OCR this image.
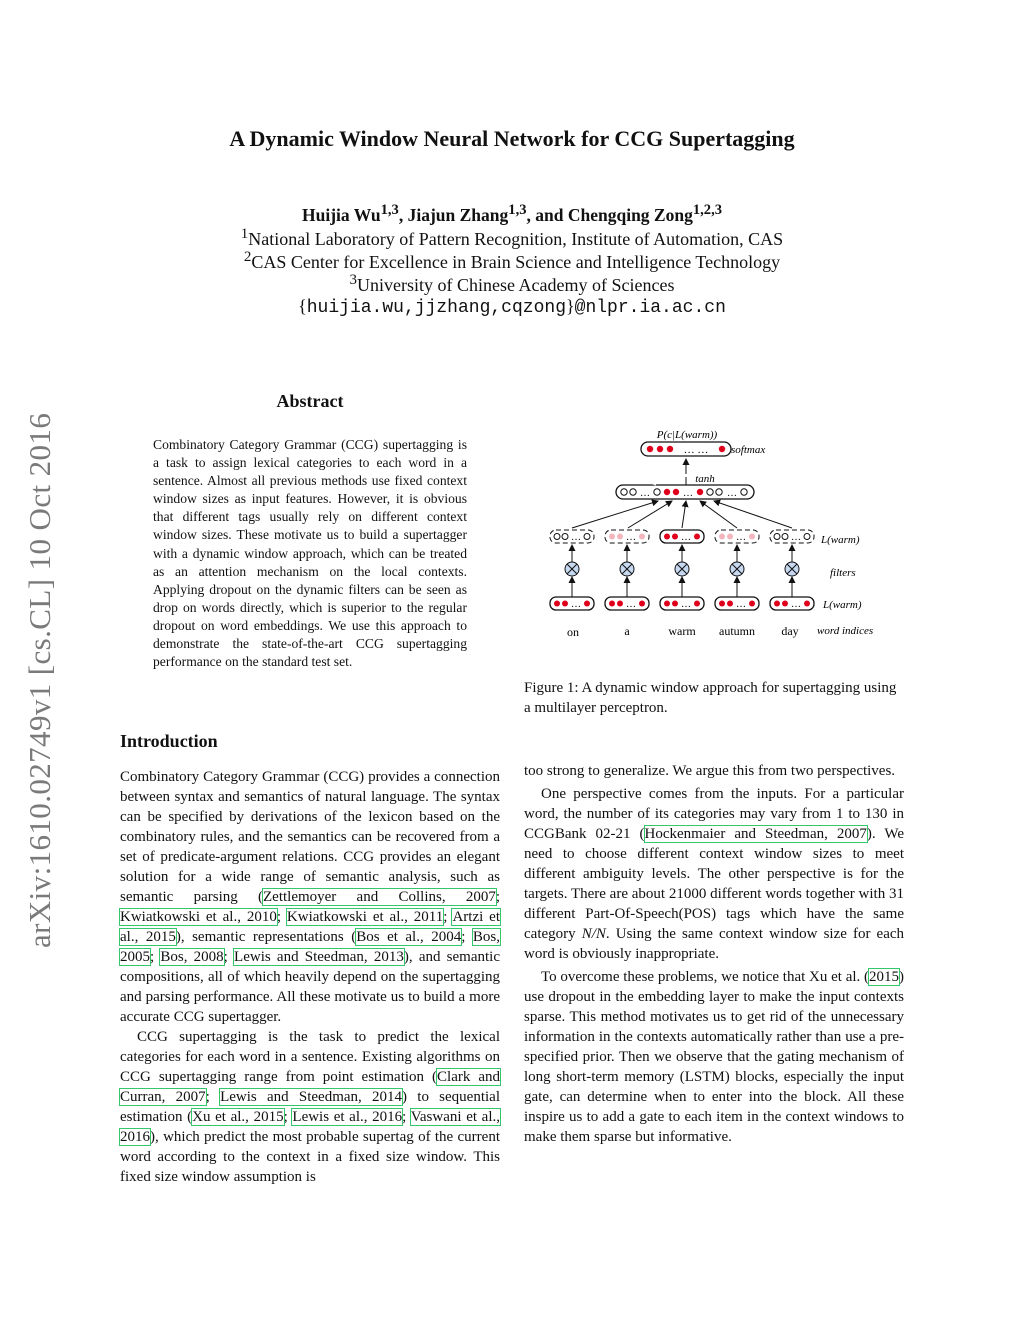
arXiv:1610.02749v1 [cs.CL] 10 Oct 2016
A Dynamic Window Neural Network for CCG Supertagging
Huijia Wu$^{1,3}$, Jiajun Zhang$^{1,3}$, and Chengqing Zong$^{1,2,3}$
$^1$National Laboratory of Pattern Recognition, Institute of Automation, CAS
$^2$CAS Center for Excellence in Brain Science and Intelligence Technology
$^3$University of Chinese Academy of Sciences
{huijia.wu,jjzhang,cqzong}@nlpr.ia.ac.cn
Abstract
Combinatory Category Grammar (CCG) supertagging is a task to assign lexical categories to each word in a sentence. Almost all previous methods use fixed context window sizes as input features. However, it is obvious that different tags usually rely on different context window sizes. These motivate us to build a supertagger with a dynamic window approach, which can be treated as an attention mechanism on the local contexts. Applying dropout on the dynamic filters can be seen as drop on words directly, which is superior to the regular dropout on word embeddings. We use this approach to demonstrate the state-of-the-art CCG supertagging performance on the standard test set.
P(c|L(warm))
… … softmax
tanh
…	…	…
…	…	…	…	… L(warm)
filters
…	…	…	…	… L(warm)
on	a	warm autumn day word indices
Figure 1: A dynamic window approach for supertagging using a multilayer perceptron.
Introduction

Combinatory Category Grammar (CCG) provides a connection between syntax and semantics of natural language. The syntax can be specified by derivations of the lexicon based on the combinatory rules, and the semantics can be recovered from a set of predicate-argument relations. CCG provides an elegant solution for a wide range of semantic analysis, such as semantic parsing (Zettlemoyer and Collins, 2007; Kwiatkowski et al., 2010; Kwiatkowski et al., 2011; Artzi et al., 2015), semantic representations (Bos et al., 2004; Bos, 2005; Bos, 2008; Lewis and Steedman, 2013), and semantic compositions, all of which heavily depend on the supertagging and parsing performance. All these motivate us to build a more accurate CCG supertagger.

CCG supertagging is the task to predict the lexical categories for each word in a sentence. Existing algorithms on CCG supertagging range from point estimation (Clark and Curran, 2007; Lewis and Steedman, 2014) to sequential estimation (Xu et al., 2015; Lewis et al., 2016; Vaswani et al., 2016), which predict the most probable supertag of the current word according to the context in a fixed size window. This fixed size window assumption is

too strong to generalize. We argue this from two perspectives.

One perspective comes from the inputs. For a particular word, the number of its categories may vary from 1 to 130 in CCGBank 02-21 (Hockenmaier and Steedman, 2007). We need to choose different context window sizes to meet different ambiguity levels. The other perspective is for the targets. There are about 21000 different words together with 31 different Part-Of-Speech(POS) tags which have the same category N/N. Using the same context window size for each word is obviously inappropriate.

To overcome these problems, we notice that Xu et al. (2015) use dropout in the embedding layer to make the input contexts sparse. This method motivates us to get rid of the unnecessary information in the contexts automatically rather than use a pre-specified prior. Then we observe that the gating mechanism of long short-term memory (LSTM) blocks, especially the input gate, can determine when to enter into the block. All these inspire us to add a gate to each item in the context windows to make them sparse but informative.
